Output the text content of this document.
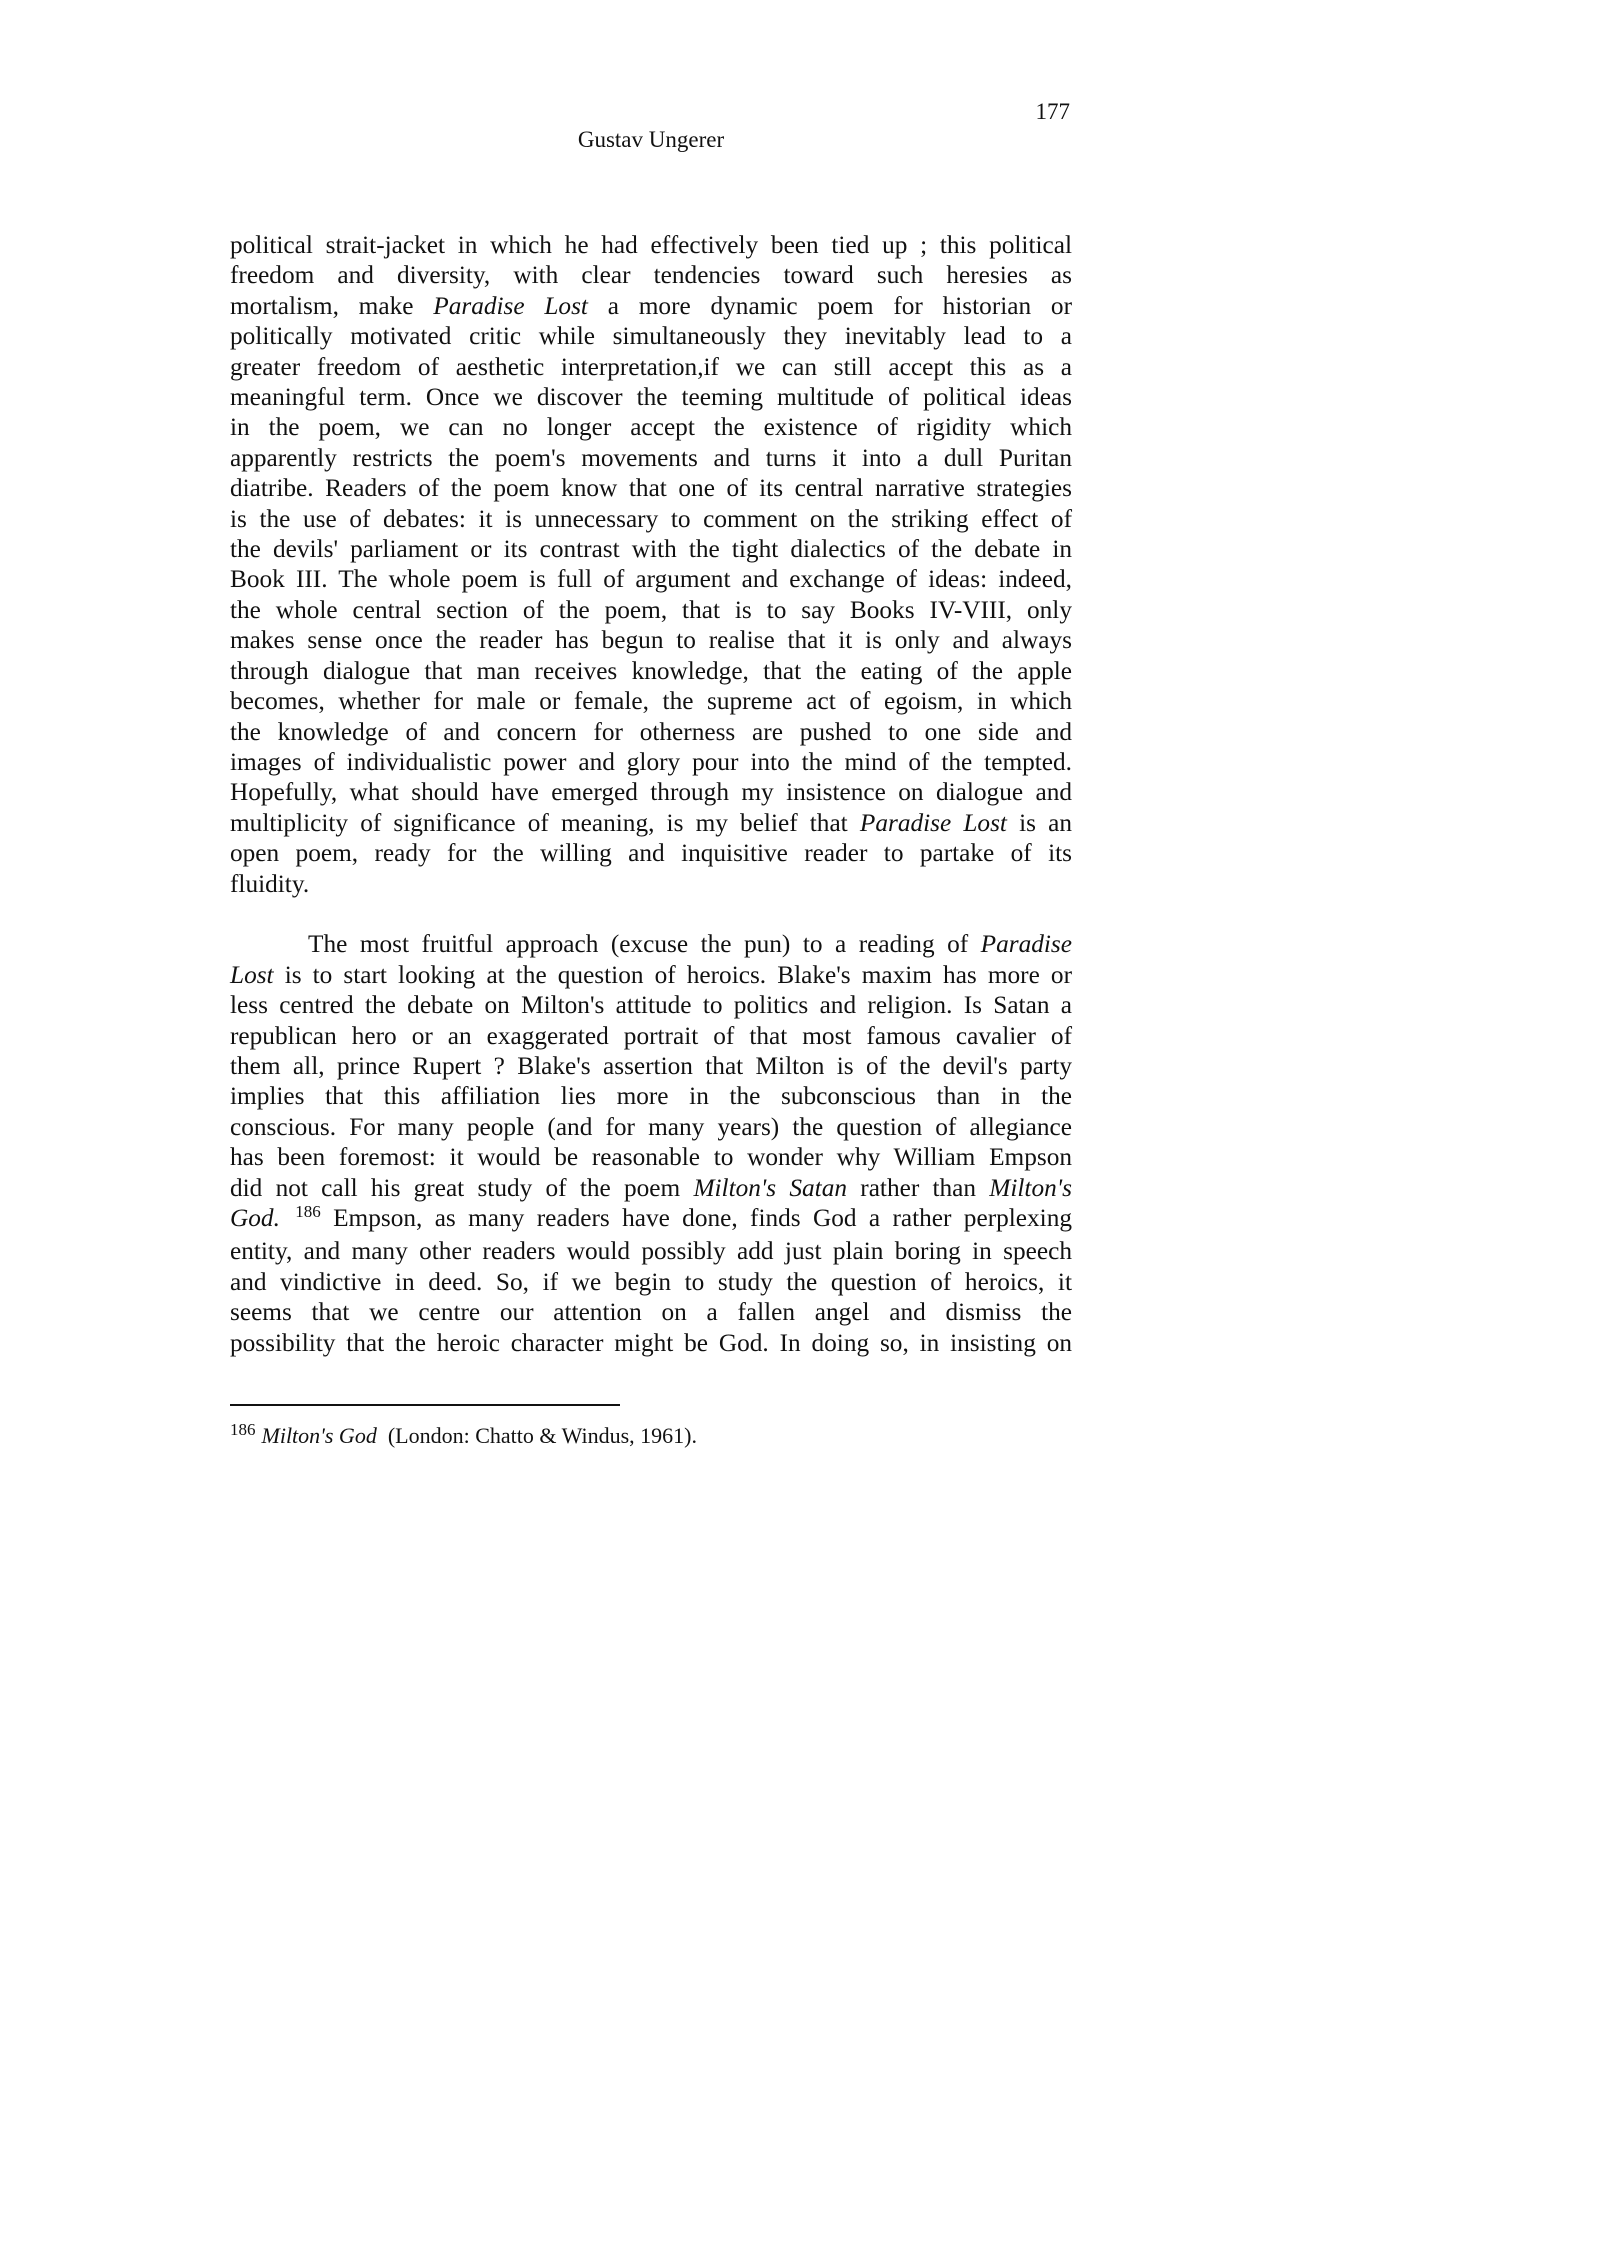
177
Gustav Ungerer

political strait-jacket in which he had effectively been tied up ; this political

freedom and diversity, with clear tendencies toward such heresies as

mortalism, make Paradise Lost a more dynamic poem for historian or

politically motivated critic while simultaneously they inevitably lead to a

greater freedom of aesthetic interpretation,if we can still accept this as a

meaningful term. Once we discover the teeming multitude of political ideas

in the poem, we can no longer accept the existence of rigidity which

apparently restricts the poem's movements and turns it into a dull Puritan

diatribe. Readers of the poem know that one of its central narrative strategies

is the use of debates: it is unnecessary to comment on the striking effect of

the devils' parliament or its contrast with the tight dialectics of the debate in

Book III. The whole poem is full of argument and exchange of ideas: indeed,

the whole central section of the poem, that is to say Books IV-VIII, only

makes sense once the reader has begun to realise that it is only and always

through dialogue that man receives knowledge, that the eating of the apple

becomes, whether for male or female, the supreme act of egoism, in which

the knowledge of and concern for otherness are pushed to one side and

images of individualistic power and glory pour into the mind of the tempted.

Hopefully, what should have emerged through my insistence on dialogue and

multiplicity of significance of meaning, is my belief that Paradise Lost is an

open poem, ready for the willing and inquisitive reader to partake of its

fluidity.

The most fruitful approach (excuse the pun) to a reading of Paradise

Lost is to start looking at the question of heroics. Blake's maxim has more or

less centred the debate on Milton's attitude to politics and religion. Is Satan a

republican hero or an exaggerated portrait of that most famous cavalier of

them all, prince Rupert ? Blake's assertion that Milton is of the devil's party

implies that this affiliation lies more in the subconscious than in the

conscious. For many people (and for many years) the question of allegiance

has been foremost: it would be reasonable to wonder why William Empson

did not call his great study of the poem Milton's Satan rather than Milton's

God. $^{186}$ Empson, as many readers have done, finds God a rather perplexing

entity, and many other readers would possibly add just plain boring in speech

and vindictive in deed. So, if we begin to study the question of heroics, it

seems that we centre our attention on a fallen angel and dismiss the

possibility that the heroic character might be God. In doing so, in insisting on

$^{186}$ Milton's God (London: Chatto & Windus, 1961).
